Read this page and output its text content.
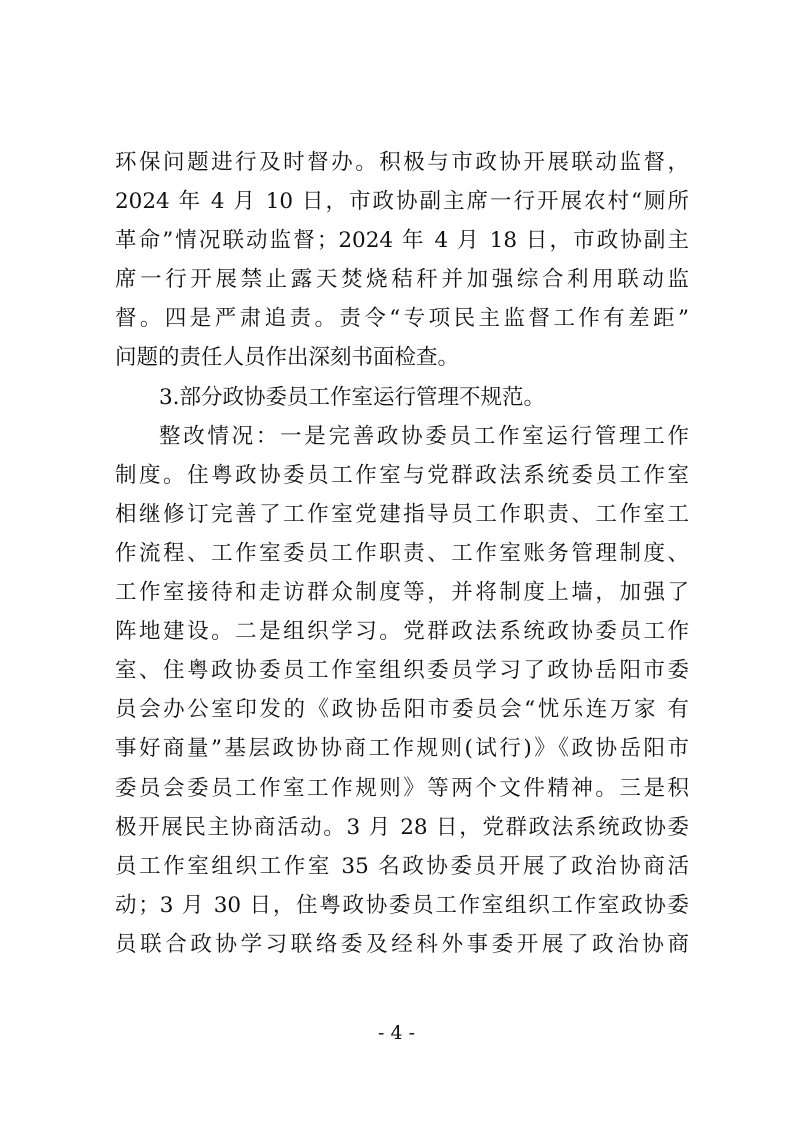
环保问题进行及时督办。积极与市政协开展联动监督，
2024 年 4 月 10 日，市政协副主席一行开展农村“厕所
革命”情况联动监督；2024 年 4 月 18 日，市政协副主
席一行开展禁止露天焚烧秸秆并加强综合利用联动监
督。四是严肃追责。责令“专项民主监督工作有差距”
问题的责任人员作出深刻书面检查。
3.部分政协委员工作室运行管理不规范。
整改情况：一是完善政协委员工作室运行管理工作
制度。住粤政协委员工作室与党群政法系统委员工作室
相继修订完善了工作室党建指导员工作职责、工作室工
作流程、工作室委员工作职责、工作室账务管理制度、
工作室接待和走访群众制度等，并将制度上墙，加强了
阵地建设。二是组织学习。党群政法系统政协委员工作
室、住粤政协委员工作室组织委员学习了政协岳阳市委
员会办公室印发的《政协岳阳市委员会“忧乐连万家 有
事好商量”基层政协协商工作规则(试行)》《政协岳阳市
委员会委员工作室工作规则》等两个文件精神。三是积
极开展民主协商活动。3 月 28 日，党群政法系统政协委
员工作室组织工作室 35 名政协委员开展了政治协商活
动；3 月 30 日，住粤政协委员工作室组织工作室政协委
员联合政协学习联络委及经科外事委开展了政治协商
- 4 -
